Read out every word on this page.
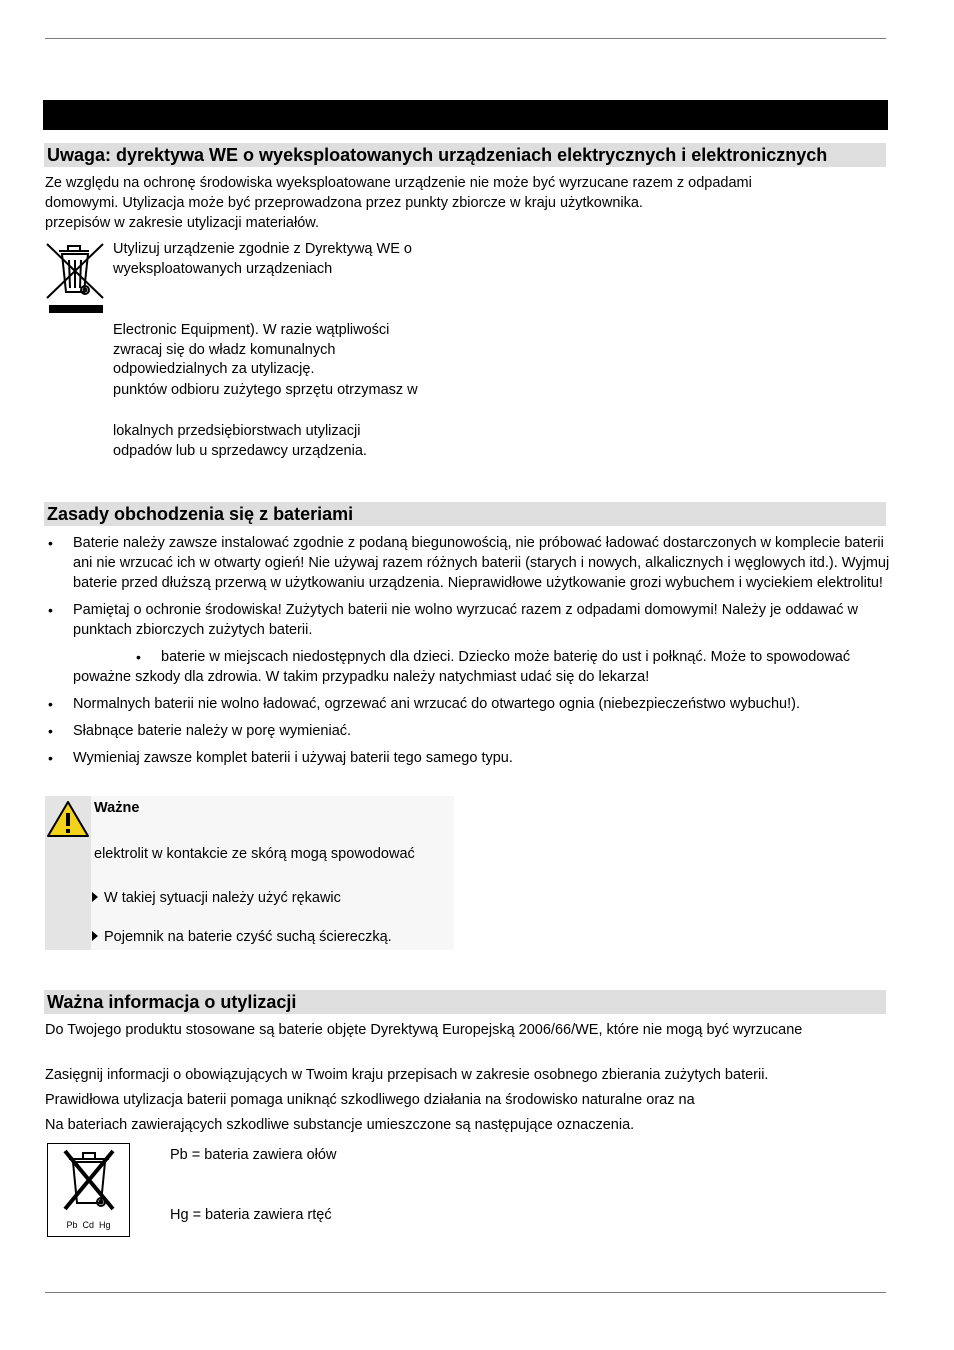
Uwaga: dyrektywa WE o wyeksploatowanych urządzeniach elektrycznych i elektronicznych
Ze względu na ochronę środowiska wyeksploatowane urządzenie nie może być wyrzucane razem z odpadami
domowymi. Utylizacja może być przeprowadzona przez punkty zbiorcze w kraju użytkownika.
przepisów w zakresie utylizacji materiałów.
Utylizuj urządzenie zgodnie z Dyrektywą WE o
wyeksploatowanych urządzeniach
Electronic Equipment). W razie wątpliwości
zwracaj się do władz komunalnych
odpowiedzialnych za utylizację.
punktów odbioru zużytego sprzętu otrzymasz w
lokalnych przedsiębiorstwach utylizacji
odpadów lub u sprzedawcy urządzenia.
Zasady obchodzenia się z bateriami
• Baterie należy zawsze instalować zgodnie z podaną biegunowością, nie próbować ładować dostarczonych w komplecie baterii ani nie wrzucać ich w otwarty ogień! Nie używaj razem różnych baterii (starych i nowych, alkalicznych i węglowych itd.). Wyjmuj baterie przed dłuższą przerwą w użytkowaniu urządzenia. Nieprawidłowe użytkowanie grozi wybuchem i wyciekiem elektrolitu!
• Pamiętaj o ochronie środowiska! Zużytych baterii nie wolno wyrzucać razem z odpadami domowymi! Należy je oddawać w punktach zbiorczych zużytych baterii.
• baterie w miejscach niedostępnych dla dzieci. Dziecko może baterię do ust i połknąć. Może to spowodować poważne szkody dla zdrowia. W takim przypadku należy natychmiast udać się do lekarza!
• Normalnych baterii nie wolno ładować, ogrzewać ani wrzucać do otwartego ognia (niebezpieczeństwo wybuchu!).
• Słabnące baterie należy w porę wymieniać.
• Wymieniaj zawsze komplet baterii i używaj baterii tego samego typu.
Ważne
elektrolit w kontakcie ze skórą mogą spowodować
W takiej sytuacji należy użyć rękawic
Pojemnik na baterie czyść suchą ściereczką.
Ważna informacja o utylizacji
Do Twojego produktu stosowane są baterie objęte Dyrektywą Europejską 2006/66/WE, które nie mogą być wyrzucane
Zasięgnij informacji o obowiązujących w Twoim kraju przepisach w zakresie osobnego zbierania zużytych baterii.
Prawidłowa utylizacja baterii pomaga uniknąć szkodliwego działania na środowisko naturalne oraz na
Na bateriach zawierających szkodliwe substancje umieszczone są następujące oznaczenia.
Pb  Cd  Hg
Pb = bateria zawiera ołów
Hg = bateria zawiera rtęć
